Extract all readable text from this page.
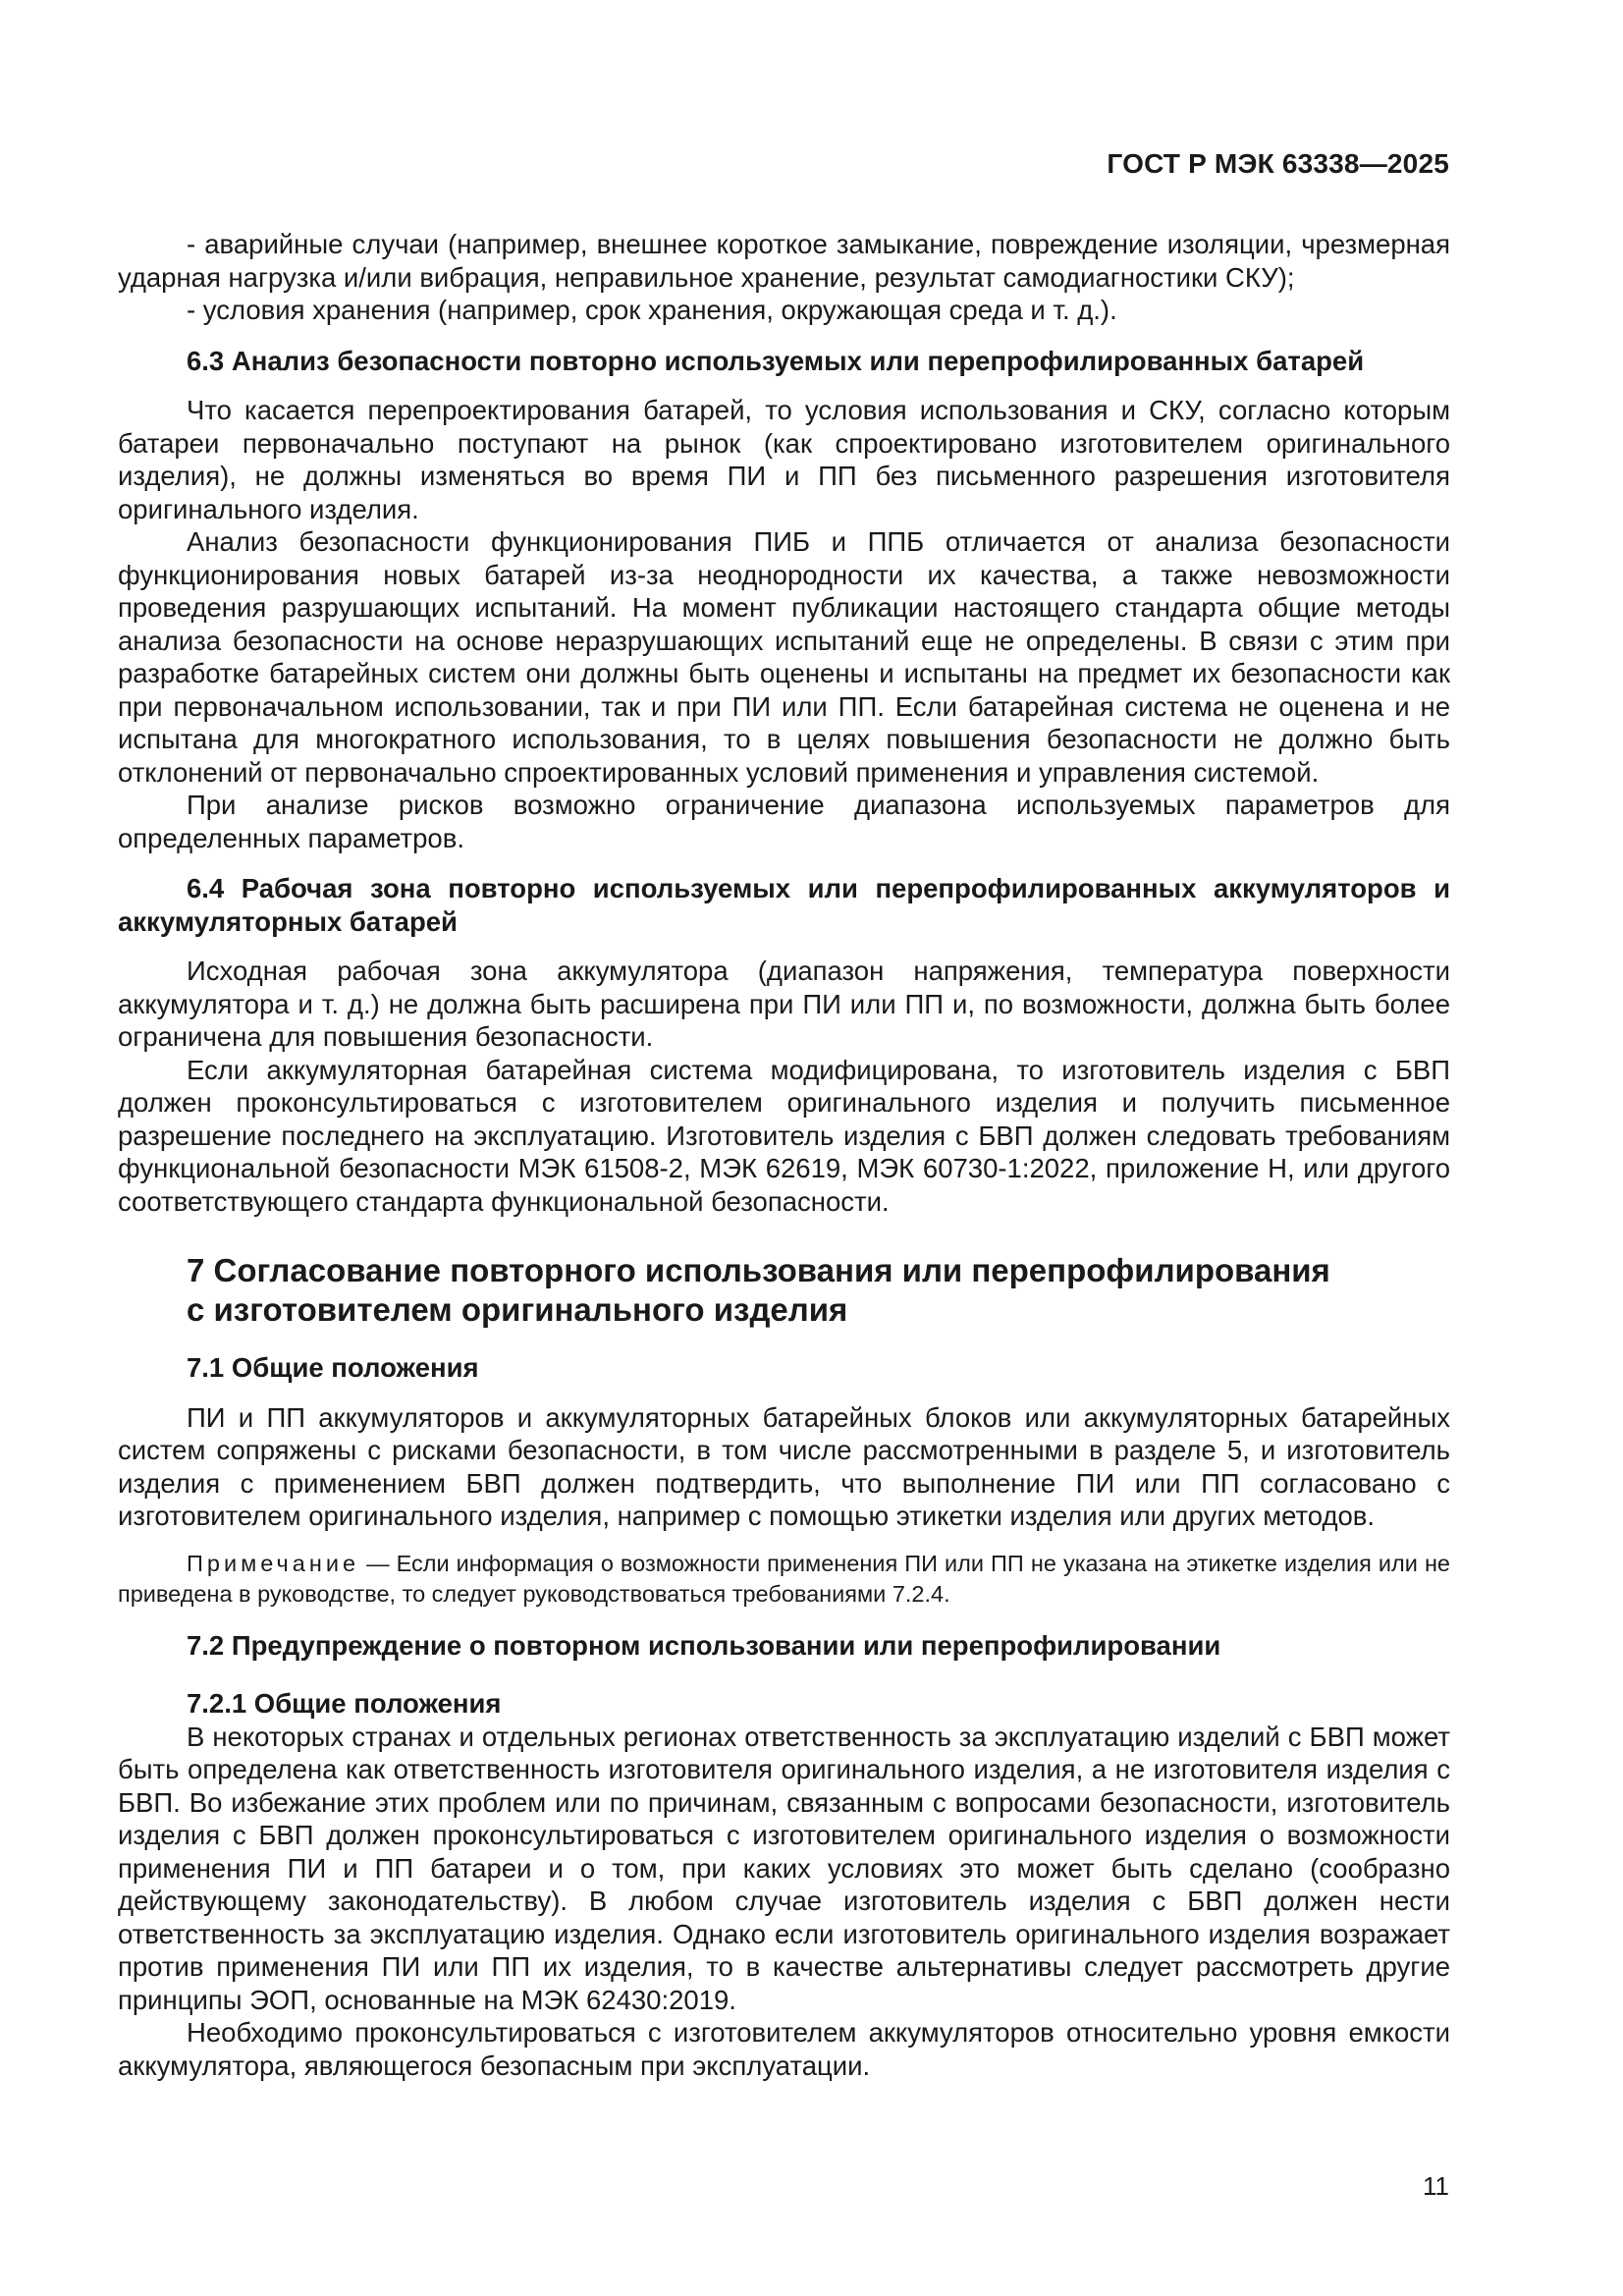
ГОСТ Р МЭК 63338—2025

- аварийные случаи (например, внешнее короткое замыкание, повреждение изоляции, чрезмерная ударная нагрузка и/или вибрация, неправильное хранение, результат самодиагностики СКУ);

- условия хранения (например, срок хранения, окружающая среда и т. д.).

6.3 Анализ безопасности повторно используемых или перепрофилированных батарей

Что касается перепроектирования батарей, то условия использования и СКУ, согласно которым батареи первоначально поступают на рынок (как спроектировано изготовителем оригинального изделия), не должны изменяться во время ПИ и ПП без письменного разрешения изготовителя оригинального изделия.

Анализ безопасности функционирования ПИБ и ППБ отличается от анализа безопасности функционирования новых батарей из-за неоднородности их качества, а также невозможности проведения разрушающих испытаний. На момент публикации настоящего стандарта общие методы анализа безопасности на основе неразрушающих испытаний еще не определены. В связи с этим при разработке батарейных систем они должны быть оценены и испытаны на предмет их безопасности как при первоначальном использовании, так и при ПИ или ПП. Если батарейная система не оценена и не испытана для многократного использования, то в целях повышения безопасности не должно быть отклонений от первоначально спроектированных условий применения и управления системой.

При анализе рисков возможно ограничение диапазона используемых параметров для определенных параметров.

6.4 Рабочая зона повторно используемых или перепрофилированных аккумуляторов и аккумуляторных батарей

Исходная рабочая зона аккумулятора (диапазон напряжения, температура поверхности аккумулятора и т. д.) не должна быть расширена при ПИ или ПП и, по возможности, должна быть более ограничена для повышения безопасности.

Если аккумуляторная батарейная система модифицирована, то изготовитель изделия с БВП должен проконсультироваться с изготовителем оригинального изделия и получить письменное разрешение последнего на эксплуатацию. Изготовитель изделия с БВП должен следовать требованиям функциональной безопасности МЭК 61508-2, МЭК 62619, МЭК 60730-1:2022, приложение Н, или другого соответствующего стандарта функциональной безопасности.

7 Согласование повторного использования или перепрофилирования
с изготовителем оригинального изделия

7.1 Общие положения

ПИ и ПП аккумуляторов и аккумуляторных батарейных блоков или аккумуляторных батарейных систем сопряжены с рисками безопасности, в том числе рассмотренными в разделе 5, и изготовитель изделия с применением БВП должен подтвердить, что выполнение ПИ или ПП согласовано с изготовителем оригинального изделия, например с помощью этикетки изделия или других методов.

Примечание — Если информация о возможности применения ПИ или ПП не указана на этикетке изделия или не приведена в руководстве, то следует руководствоваться требованиями 7.2.4.

7.2 Предупреждение о повторном использовании или перепрофилировании

7.2.1 Общие положения

В некоторых странах и отдельных регионах ответственность за эксплуатацию изделий с БВП может быть определена как ответственность изготовителя оригинального изделия, а не изготовителя изделия с БВП. Во избежание этих проблем или по причинам, связанным с вопросами безопасности, изготовитель изделия с БВП должен проконсультироваться с изготовителем оригинального изделия о возможности применения ПИ и ПП батареи и о том, при каких условиях это может быть сделано (сообразно действующему законодательству). В любом случае изготовитель изделия с БВП должен нести ответственность за эксплуатацию изделия. Однако если изготовитель оригинального изделия возражает против применения ПИ или ПП их изделия, то в качестве альтернативы следует рассмотреть другие принципы ЭОП, основанные на МЭК 62430:2019.

Необходимо проконсультироваться с изготовителем аккумуляторов относительно уровня емкости аккумулятора, являющегося безопасным при эксплуатации.

11
